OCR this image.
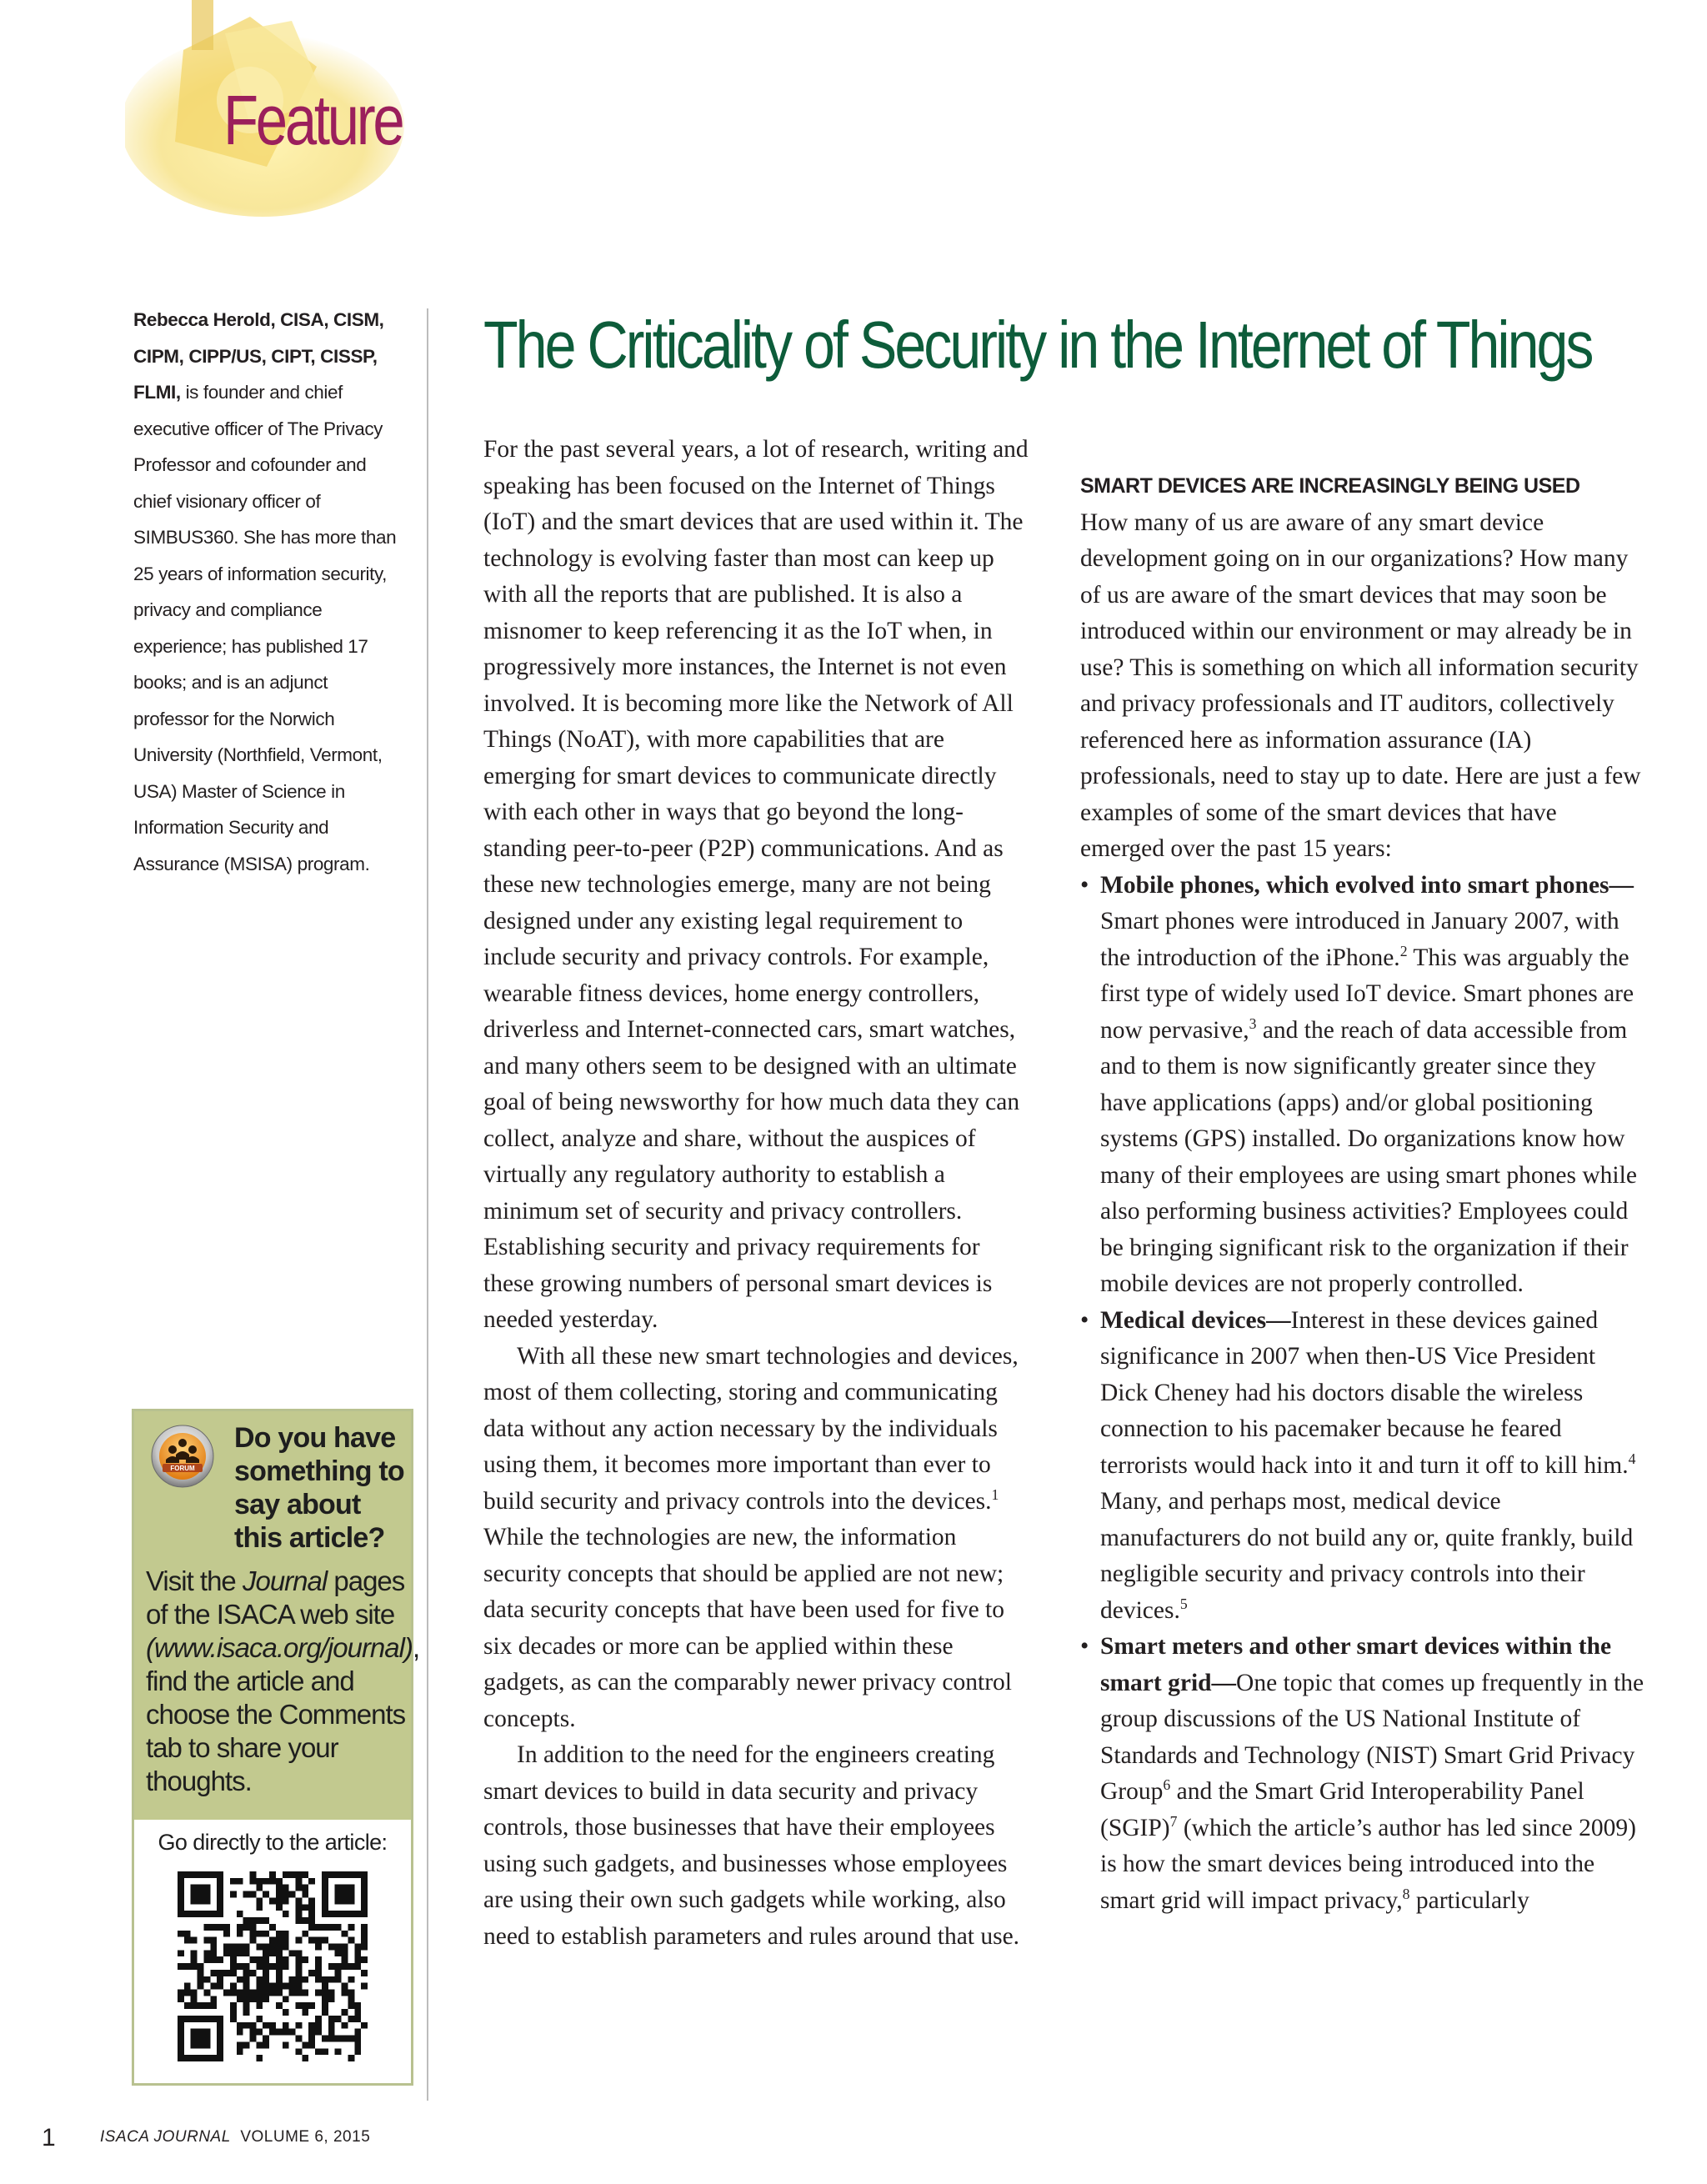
Feature
Rebecca Herold, CISA, CISM, CIPM, CIPP/US, CIPT, CISSP, FLMI, is founder and chief executive officer of The Privacy Professor and cofounder and chief visionary officer of SIMBUS360. She has more than 25 years of information security, privacy and compliance experience; has published 17 books; and is an adjunct professor for the Norwich University (Northfield, Vermont, USA) Master of Science in Information Security and Assurance (MSISA) program.
The Criticality of Security in the Internet of Things

For the past several years, a lot of research, writing and speaking has been focused on the Internet of Things (IoT) and the smart devices that are used within it. The technology is evolving faster than most can keep up with all the reports that are published. It is also a misnomer to keep referencing it as the IoT when, in progressively more instances, the Internet is not even involved. It is becoming more like the Network of All Things (NoAT), with more capabilities that are emerging for smart devices to communicate directly with each other in ways that go beyond the long-standing peer-to-peer (P2P) communications. And as these new technologies emerge, many are not being designed under any existing legal requirement to include security and privacy controls. For example, wearable fitness devices, home energy controllers, driverless and Internet-connected cars, smart watches, and many others seem to be designed with an ultimate goal of being newsworthy for how much data they can collect, analyze and share, without the auspices of virtually any regulatory authority to establish a minimum set of security and privacy controllers. Establishing security and privacy requirements for these growing numbers of personal smart devices is needed yesterday.

With all these new smart technologies and devices, most of them collecting, storing and communicating data without any action necessary by the individuals using them, it becomes more important than ever to build security and privacy controls into the devices.$^1$ While the technologies are new, the information security concepts that should be applied are not new; data security concepts that have been used for five to six decades or more can be applied within these gadgets, as can the comparably newer privacy control concepts.

In addition to the need for the engineers creating smart devices to build in data security and privacy controls, those businesses that have their employees using such gadgets, and businesses whose employees are using their own such gadgets while working, also need to establish parameters and rules around that use.

SMART DEVICES ARE INCREASINGLY BEING USED

How many of us are aware of any smart device development going on in our organizations? How many of us are aware of the smart devices that may soon be introduced within our environment or may already be in use? This is something on which all information security and privacy professionals and IT auditors, collectively referenced here as information assurance (IA) professionals, need to stay up to date. Here are just a few examples of some of the smart devices that have emerged over the past 15 years:

• Mobile phones, which evolved into smart phones—Smart phones were introduced in January 2007, with the introduction of the iPhone.$^2$ This was arguably the first type of widely used IoT device. Smart phones are now pervasive,$^3$ and the reach of data accessible from and to them is now significantly greater since they have applications (apps) and/or global positioning systems (GPS) installed. Do organizations know how many of their employees are using smart phones while also performing business activities? Employees could be bringing significant risk to the organization if their mobile devices are not properly controlled.
• Medical devices—Interest in these devices gained significance in 2007 when then-US Vice President Dick Cheney had his doctors disable the wireless connection to his pacemaker because he feared terrorists would hack into it and turn it off to kill him.$^4$ Many, and perhaps most, medical device manufacturers do not build any or, quite frankly, build negligible security and privacy controls into their devices.$^5$
• Smart meters and other smart devices within the smart grid—One topic that comes up frequently in the group discussions of the US National Institute of Standards and Technology (NIST) Smart Grid Privacy Group$^6$ and the Smart Grid Interoperability Panel (SGIP)$^7$ (which the article’s author has led since 2009) is how the smart devices being introduced into the smart grid will impact privacy,$^8$ particularly
FORUM
Do you have something to say about this article?
Visit the Journal pages of the ISACA web site (www.isaca.org/journal), find the article and choose the Comments tab to share your thoughts.
Go directly to the article:
1	ISACA JOURNAL VOLUME 6, 2015
